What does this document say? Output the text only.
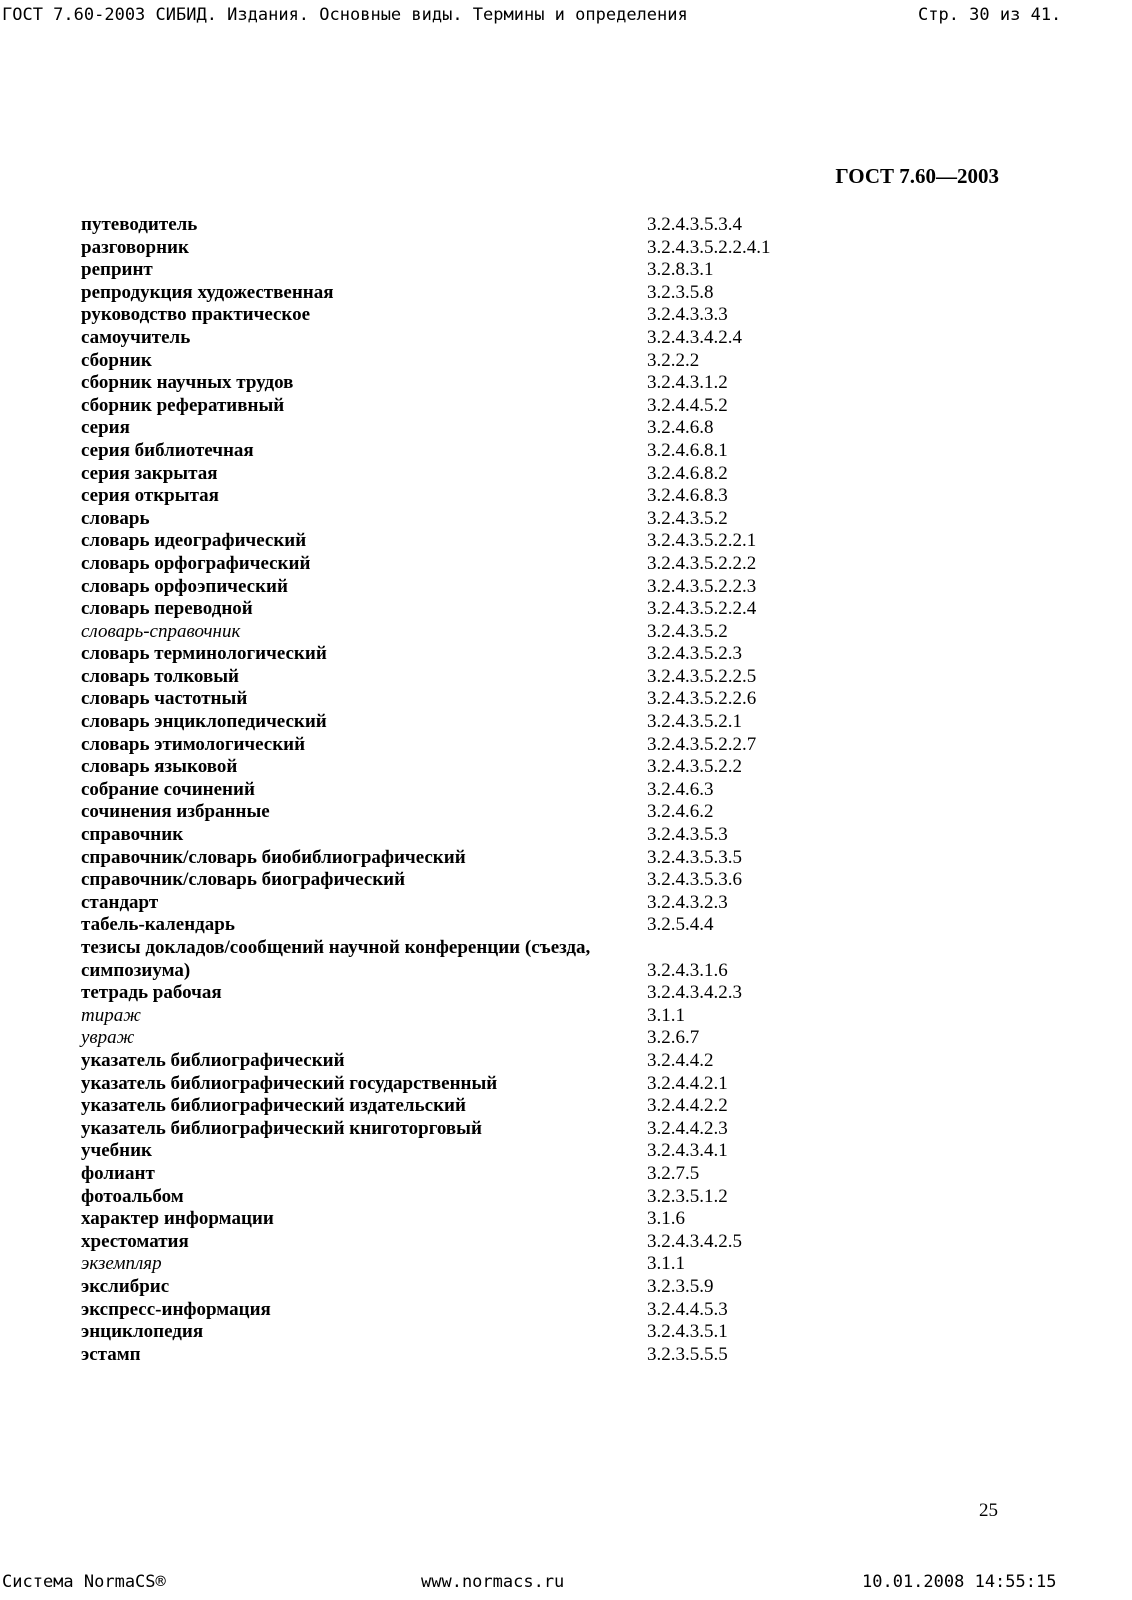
ГОСТ 7.60-2003 СИБИД. Издания. Основные виды. Термины и определения	Стр. 30 из 41.
ГОСТ 7.60—2003
путеводитель	3.2.4.3.5.3.4
разговорник	3.2.4.3.5.2.2.4.1
репринт	3.2.8.3.1
репродукция художественная	3.2.3.5.8
руководство практическое	3.2.4.3.3.3
самоучитель	3.2.4.3.4.2.4
сборник	3.2.2.2
сборник научных трудов	3.2.4.3.1.2
сборник реферативный	3.2.4.4.5.2
серия	3.2.4.6.8
серия библиотечная	3.2.4.6.8.1
серия закрытая	3.2.4.6.8.2
серия открытая	3.2.4.6.8.3
словарь	3.2.4.3.5.2
словарь идеографический	3.2.4.3.5.2.2.1
словарь орфографический	3.2.4.3.5.2.2.2
словарь орфоэпический	3.2.4.3.5.2.2.3
словарь переводной	3.2.4.3.5.2.2.4
словарь-справочник	3.2.4.3.5.2
словарь терминологический	3.2.4.3.5.2.3
словарь толковый	3.2.4.3.5.2.2.5
словарь частотный	3.2.4.3.5.2.2.6
словарь энциклопедический	3.2.4.3.5.2.1
словарь этимологический	3.2.4.3.5.2.2.7
словарь языковой	3.2.4.3.5.2.2
собрание сочинений	3.2.4.6.3
сочинения избранные	3.2.4.6.2
справочник	3.2.4.3.5.3
справочник/словарь биобиблиографический	3.2.4.3.5.3.5
справочник/словарь биографический	3.2.4.3.5.3.6
стандарт	3.2.4.3.2.3
табель-календарь	3.2.5.4.4
тезисы докладов/сообщений научной конференции (съезда, симпозиума)	3.2.4.3.1.6
тетрадь рабочая	3.2.4.3.4.2.3
тираж	3.1.1
увраж	3.2.6.7
указатель библиографический	3.2.4.4.2
указатель библиографический государственный	3.2.4.4.2.1
указатель библиографический издательский	3.2.4.4.2.2
указатель библиографический книготорговый	3.2.4.4.2.3
учебник	3.2.4.3.4.1
фолиант	3.2.7.5
фотоальбом	3.2.3.5.1.2
характер информации	3.1.6
хрестоматия	3.2.4.3.4.2.5
экземпляр	3.1.1
экслибрис	3.2.3.5.9
экспресс-информация	3.2.4.4.5.3
энциклопедия	3.2.4.3.5.1
эстамп	3.2.3.5.5.5
25
Система NormaCS®	www.normacs.ru	10.01.2008 14:55:15
